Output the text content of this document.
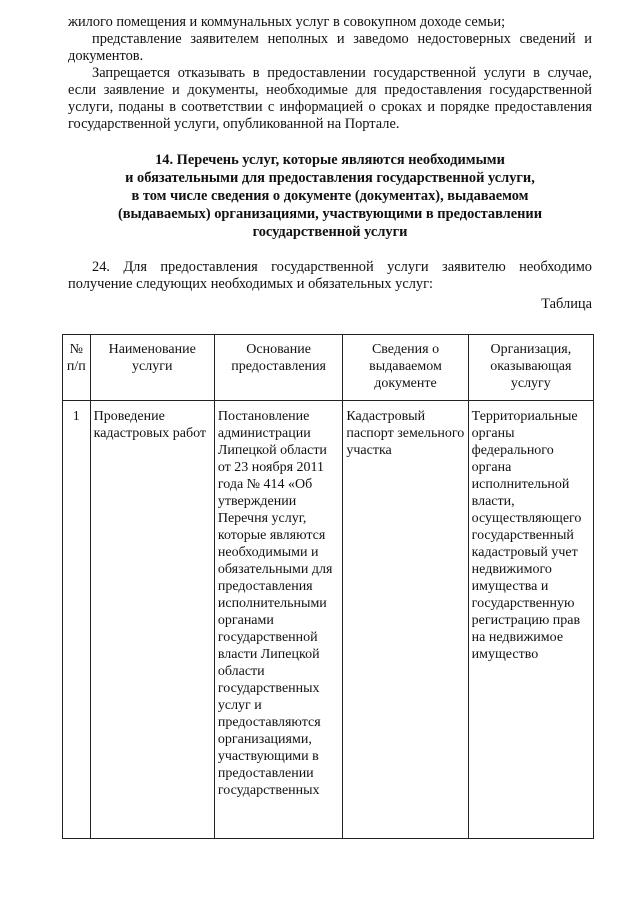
жилого помещения и коммунальных услуг в совокупном доходе семьи;

представление заявителем неполных и заведомо недостоверных сведений и документов.

Запрещается отказывать в предоставлении государственной услуги в случае, если заявление и документы, необходимые для предоставления государственной услуги, поданы в соответствии с информацией о сроках и порядке предоставления государственной услуги, опубликованной на Портале.

14. Перечень услуг, которые являются необходимыми
и обязательными для предоставления государственной услуги,
в том числе сведения о документе (документах), выдаваемом
(выдаваемых) организациями, участвующими в предоставлении
государственной услуги

24. Для предоставления государственной услуги заявителю необходимо получение следующих необходимых и обязательных услуг:

Таблица

№ п/п	Наименование услуги	Основание предоставления	Сведения о выдаваемом документе	Организация, оказывающая услугу
1	Проведение кадастровых работ	Постановление администрации Липецкой области от 23 ноября 2011 года № 414 «Об утверждении Перечня услуг, которые являются необходимыми и обязательными для предоставления исполнительными органами государственной власти Липецкой области государственных услуг и предоставляются организациями, участвующими в предоставлении государственных	Кадастровый паспорт земельного участка	Территориальные органы федерального органа исполнительной власти, осуществляющего государственный кадастровый учет недвижимого имущества и государственную регистрацию прав на недвижимое имущество
